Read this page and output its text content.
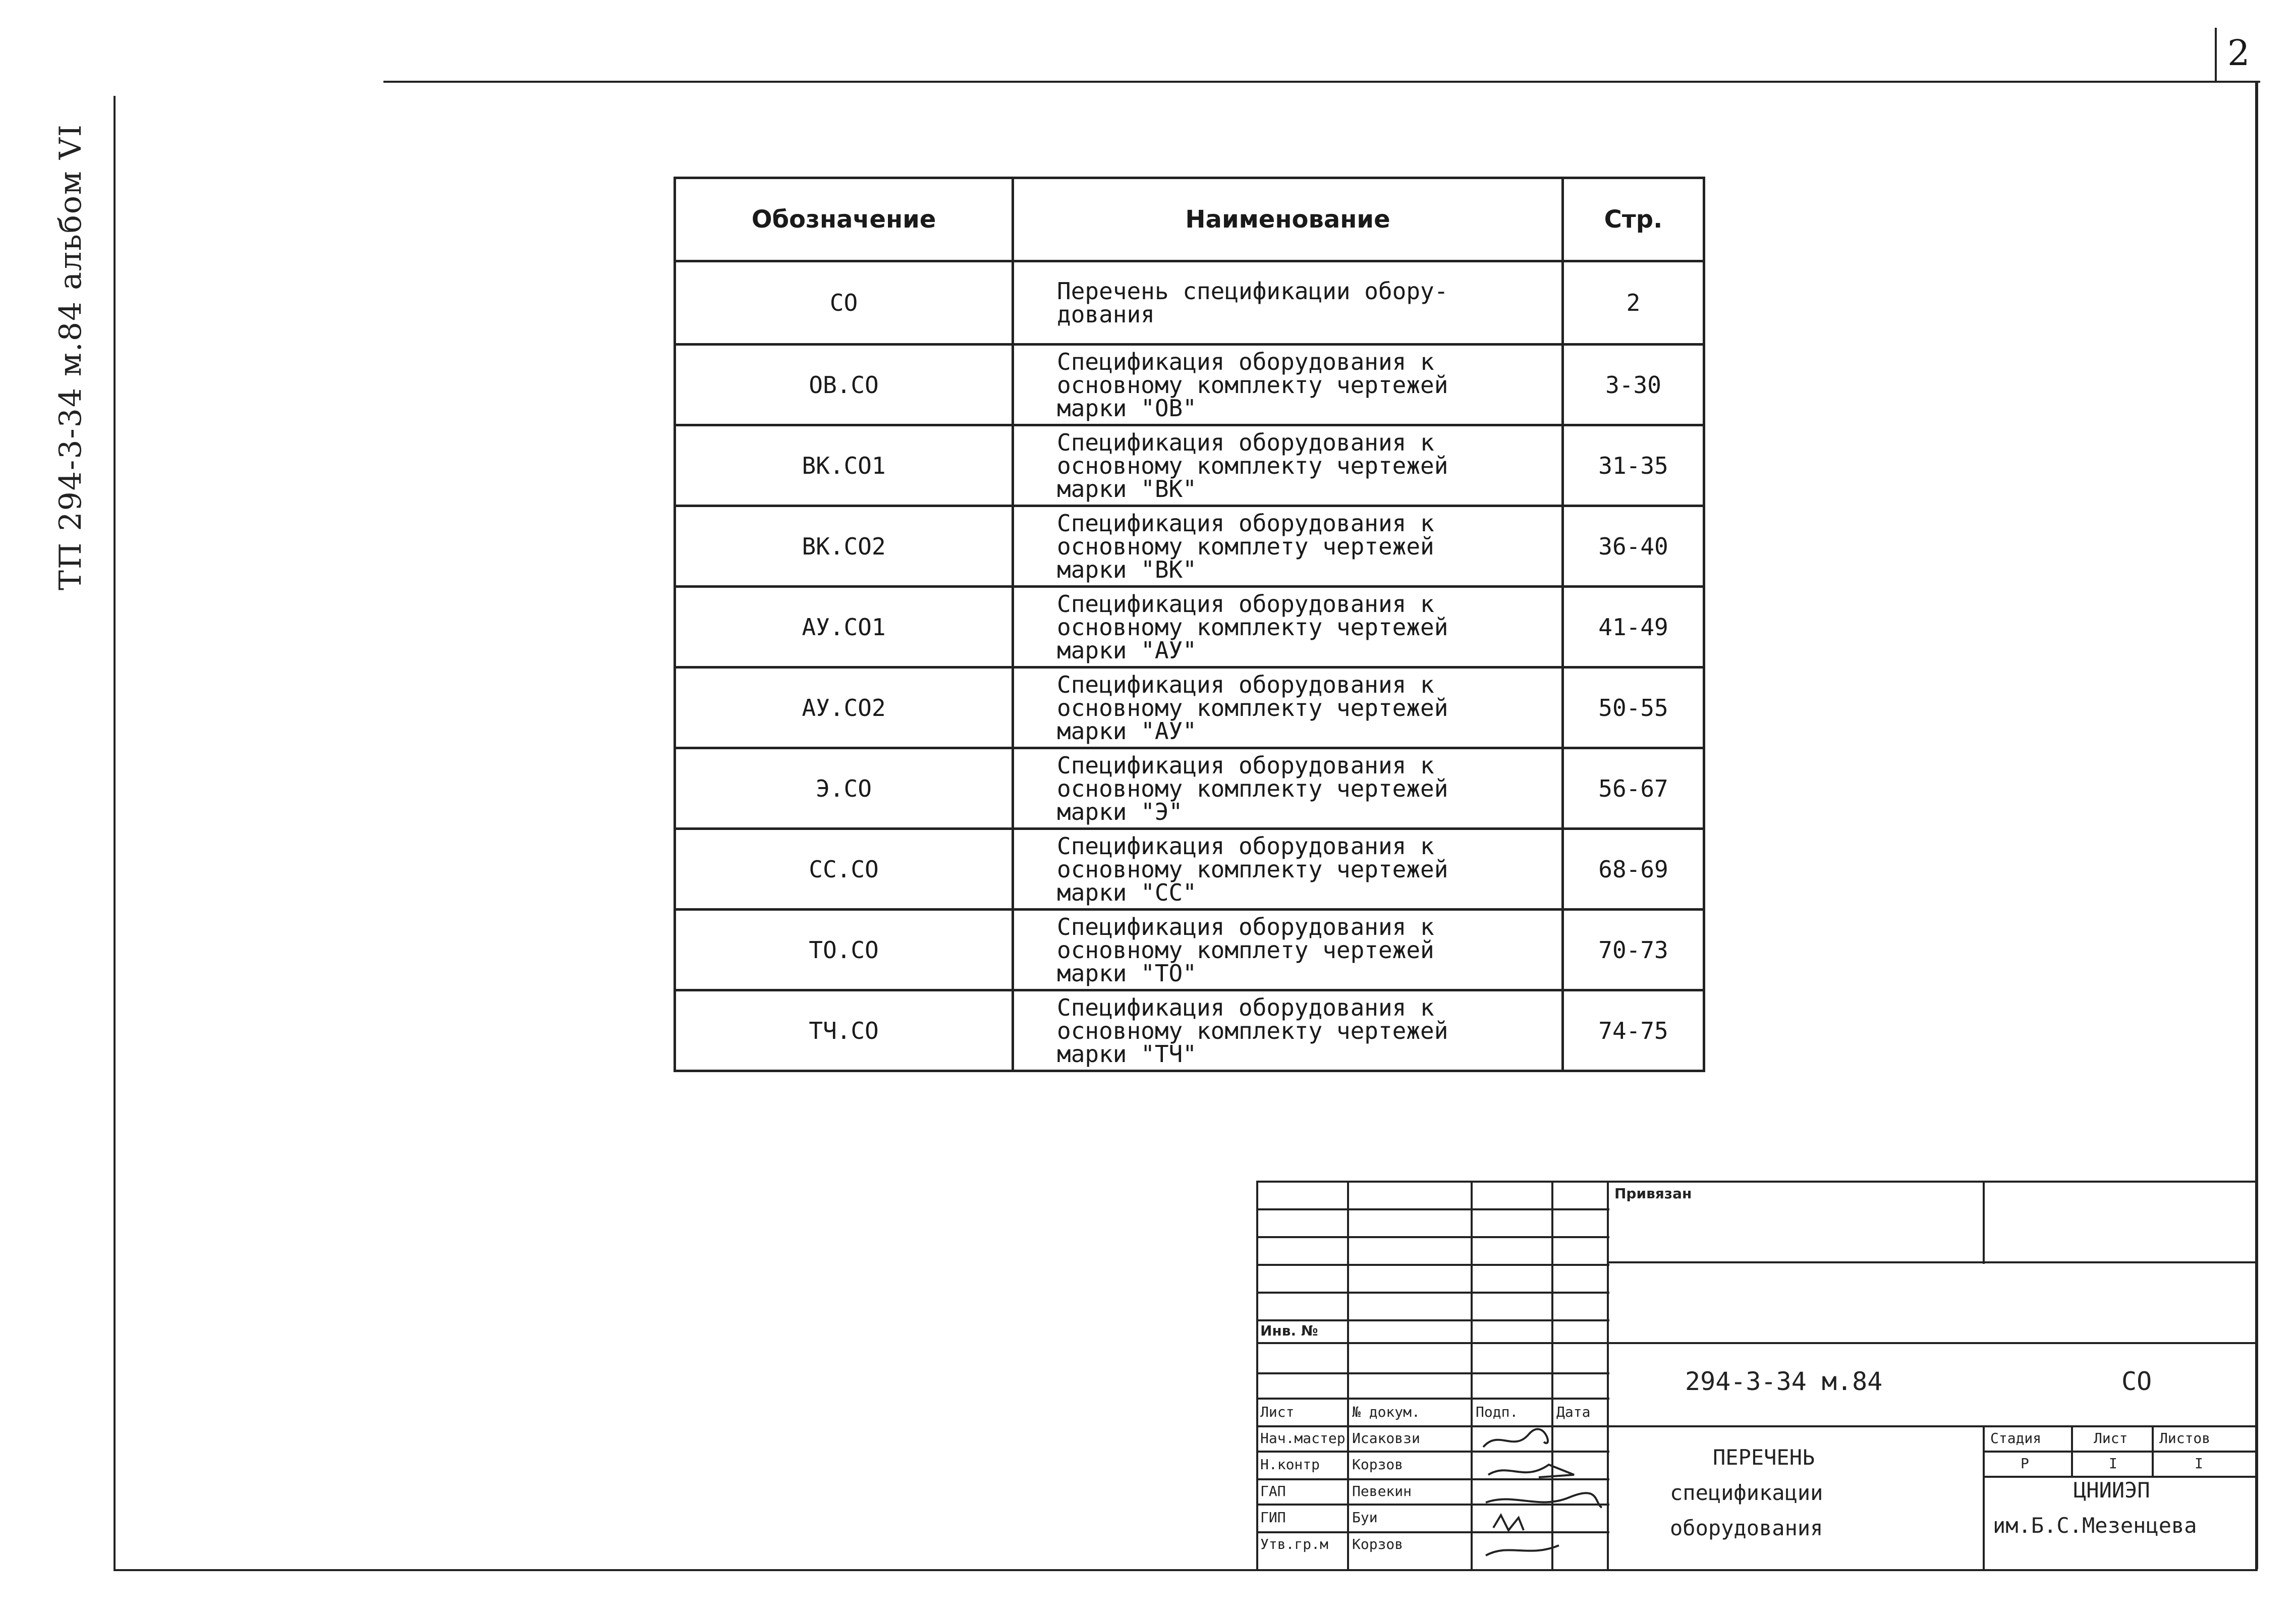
2
ТП 294-3-34 м.84 альбом VI	Обозначение	Наименование	Стр.
СО	Перечень спецификации обору-
дования	2
ОВ.СО	Спецификация оборудования к
основному комплекту чертежей
марки "ОВ"	3-30
ВК.СО1	Спецификация оборудования к
основному комплекту чертежей
марки "ВК"	31-35
ВК.СО2	Спецификация оборудования к
основному комплету чертежей
марки "ВК"	36-40
АУ.СО1	Спецификация оборудования к
основному комплекту чертежей
марки "АУ"	41-49
АУ.СО2	Спецификация оборудования к
основному комплекту чертежей
марки "АУ"	50-55
Э.СО	Спецификация оборудования к
основному комплекту чертежей
марки "Э"	56-67
СС.СО	Спецификация оборудования к
основному комплекту чертежей
марки "СС"	68-69
ТО.СО	Спецификация оборудования к
основному комплету чертежей
марки "ТО"	70-73
ТЧ.СО	Спецификация оборудования к
основному комплекту чертежей
марки "ТЧ"	74-75
Привязан
Инв. №
294-3-34 м.84	СО
Лист	№ докум.	Подп.	Дата
Нач.мастер Исаковзи
Н.контр Корзов
ГАП	Певекин
ГИП	Буи
Утв.гр.м Корзов
ПЕРЕЧЕНЬ
спецификации
оборудования
Стадия	Лист Листов
Р	I	I
ЦНИИЭП
им.Б.С.Мезенцева
